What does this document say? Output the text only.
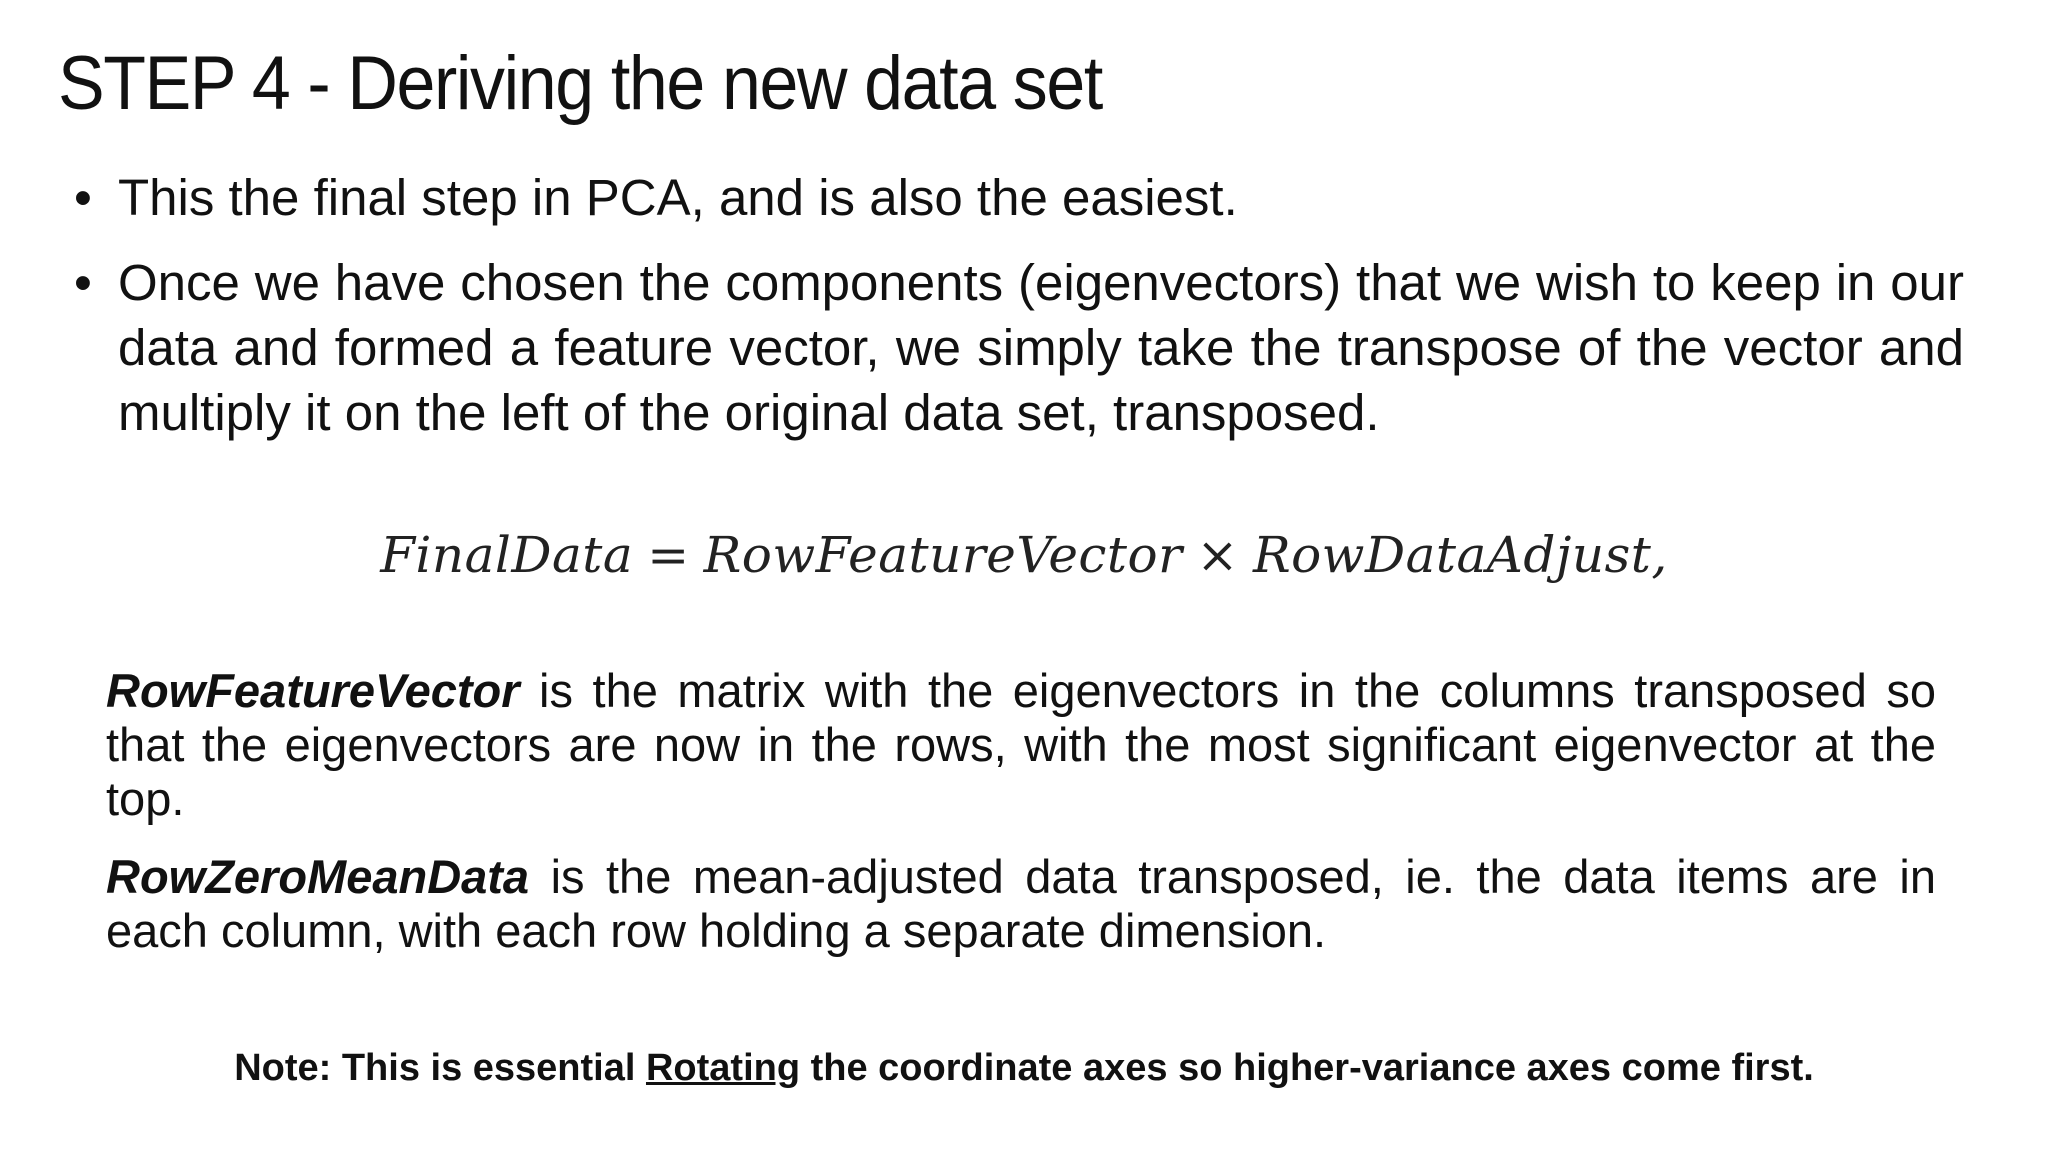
STEP 4 - Deriving the new data set
• This the final step in PCA, and is also the easiest.
• Once we have chosen the components (eigenvectors) that we wish to keep in our data and formed a feature vector, we simply take the transpose of the vector and multiply it on the left of the original data set, transposed.
FinalData = RowFeatureVector × RowDataAdjust,

RowFeatureVector is the matrix with the eigenvectors in the columns transposed so that the eigenvectors are now in the rows, with the most significant eigenvector at the top.

RowZeroMeanData is the mean-adjusted data transposed, ie. the data items are in each column, with each row holding a separate dimension.

Note: This is essential Rotating the coordinate axes so higher-variance axes come first.
